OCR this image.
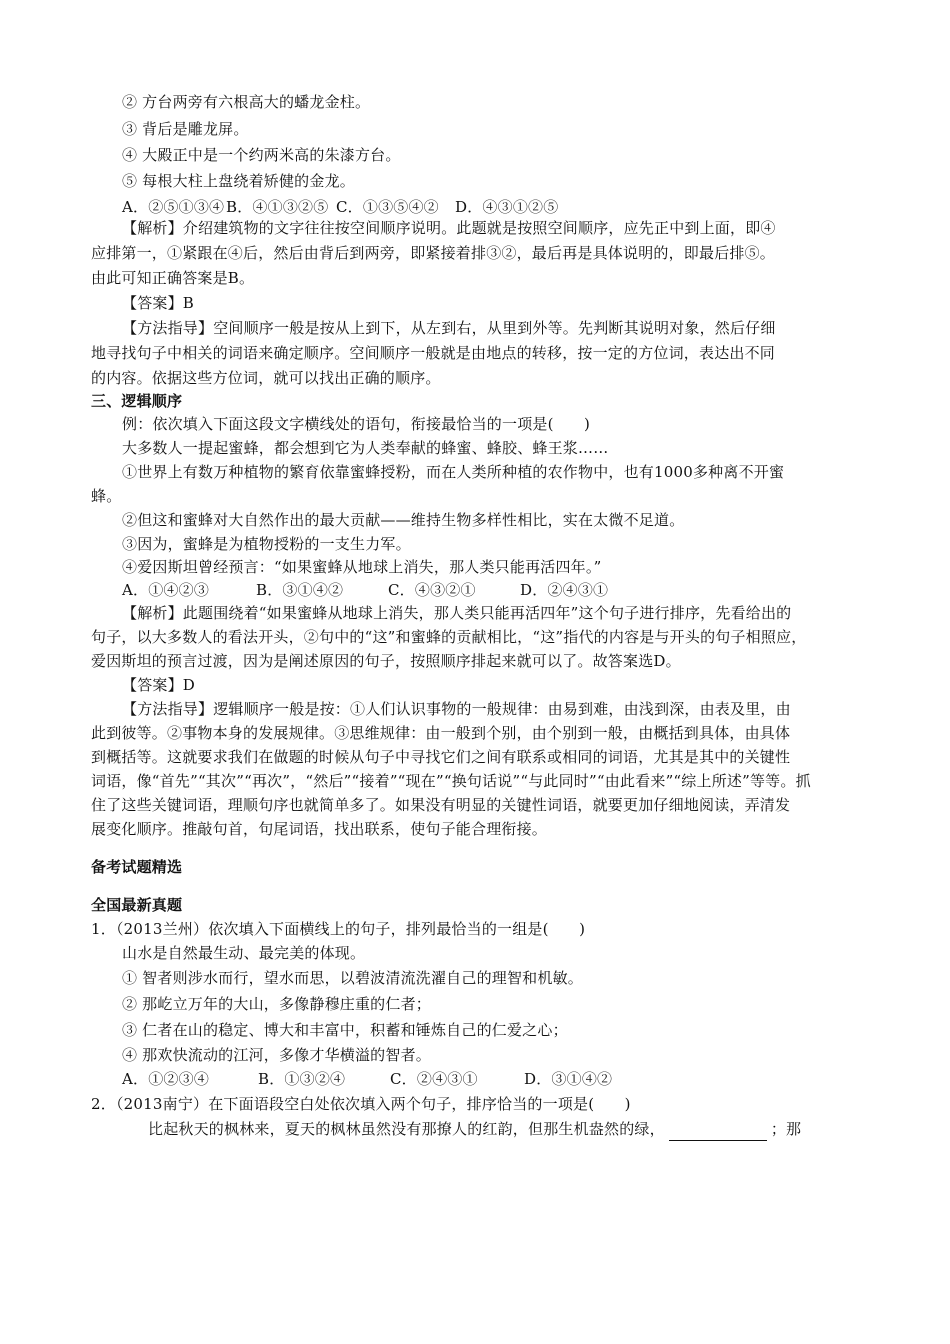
② 方台两旁有六根高大的蟠龙金柱。
③ 背后是雕龙屏。
④ 大殿正中是一个约两米高的朱漆方台。
⑤ 每根大柱上盘绕着矫健的金龙。
A．②⑤①③④ B．④①③②⑤ C．①③⑤④② D．④③①②⑤
【解析】介绍建筑物的文字往往按空间顺序说明。此题就是按照空间顺序，应先正中到上面，即④
应排第一，①紧跟在④后，然后由背后到两旁，即紧接着排③②，最后再是具体说明的，即最后排⑤。
由此可知正确答案是B。
【答案】B
【方法指导】空间顺序一般是按从上到下，从左到右，从里到外等。先判断其说明对象，然后仔细
地寻找句子中相关的词语来确定顺序。空间顺序一般就是由地点的转移，按一定的方位词，表达出不同
的内容。依据这些方位词，就可以找出正确的顺序。
三、逻辑顺序
例：依次填入下面这段文字横线处的语句，衔接最恰当的一项是(　　)
大多数人一提起蜜蜂，都会想到它为人类奉献的蜂蜜、蜂胶、蜂王浆……
①世界上有数万种植物的繁育依靠蜜蜂授粉，而在人类所种植的农作物中，也有1000多种离不开蜜
蜂。
②但这和蜜蜂对大自然作出的最大贡献——维持生物多样性相比，实在太微不足道。
③因为，蜜蜂是为植物授粉的一支生力军。
④爱因斯坦曾经预言：“如果蜜蜂从地球上消失，那人类只能再活四年。”
A．①④②③	B．③①④②	C．④③②①	D．②④③①
【解析】此题围绕着“如果蜜蜂从地球上消失，那人类只能再活四年”这个句子进行排序，先看给出的
句子，以大多数人的看法开头，②句中的“这”和蜜蜂的贡献相比，“这”指代的内容是与开头的句子相照应，
爱因斯坦的预言过渡，因为是阐述原因的句子，按照顺序排起来就可以了。故答案选D。
【答案】D
【方法指导】逻辑顺序一般是按：①人们认识事物的一般规律：由易到难，由浅到深，由表及里，由
此到彼等。②事物本身的发展规律。③思维规律：由一般到个别，由个别到一般，由概括到具体，由具体
到概括等。这就要求我们在做题的时候从句子中寻找它们之间有联系或相同的词语，尤其是其中的关键性
词语，像“首先”“其次”“再次”，“然后”“接着”“现在”“换句话说”“与此同时”“由此看来”“综上所述”等等。抓
住了这些关键词语，理顺句序也就简单多了。如果没有明显的关键性词语，就要更加仔细地阅读，弄清发
展变化顺序。推敲句首，句尾词语，找出联系，使句子能合理衔接。
备考试题精选
全国最新真题
1．（2013兰州）依次填入下面横线上的句子，排列最恰当的一组是(　　)
山水是自然最生动、最完美的体现。
① 智者则涉水而行，望水而思，以碧波清流洗濯自己的理智和机敏。
② 那屹立万年的大山，多像静穆庄重的仁者；
③ 仁者在山的稳定、博大和丰富中，积蓄和锤炼自己的仁爱之心；
④ 那欢快流动的江河，多像才华横溢的智者。
A．①②③④	B．①③②④	C．②④③①	D．③①④②
2．（2013南宁）在下面语段空白处依次填入两个句子，排序恰当的一项是(　　)
比起秋天的枫林来，夏天的枫林虽然没有那撩人的红韵，但那生机盎然的绿，	；那
